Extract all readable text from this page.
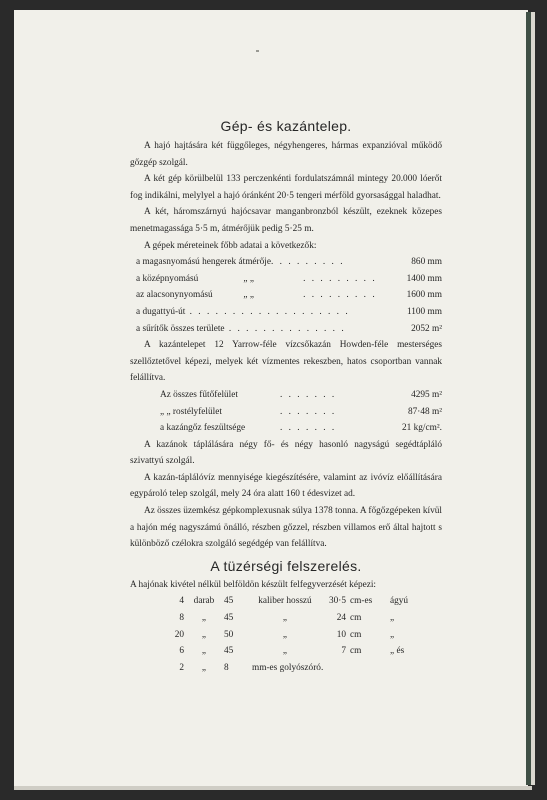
Gép- és kazántelep.
A hajó hajtására két függőleges, négyhengeres, hármas expanzióval működő gőzgép szolgál.
A két gép körülbelül 133 perczenkénti fordulatszámnál mintegy 20.000 lóerőt fog indikálni, melylyel a hajó óránként 20·5 tengeri mérföld gyorsasággal haladhat.
A két, háromszárnyú hajócsavar manganbronzból készült, ezeknek közepes menetmagassága 5·5 m, átmérőjük pedig 5·25 m.
A gépek méreteinek főbb adatai a következők:
a magasnyomású hengerek átmérője . . . . . . . . .	860 mm
a középnyomású	„ „	. . . . . . . . .	1400 mm
az alacsonynyomású	„ „	. . . . . . . . .	1600 mm
a dugattyú-út . . . . . . . . . . . . . . . . . . .	1100 mm
a sűrítők összes területe . . . . . . . . . . . . . .	2052 m²
A kazántelepet 12 Yarrow-féle vízcsőkazán Howden-féle mesterséges szellőztetővel képezi, melyek két vízmentes rekeszben, hatos csoportban vannak felállítva.
Az összes fűtőfelület	. . . . . . .	4295 m²
„ „ rostélyfelület	. . . . . . .	87·48 m²
a kazángőz feszültsége	. . . . . . .	21 kg/cm².
A kazánok táplálására négy fő- és négy hasonló nagyságú segédtápláló szivattyú szolgál.
A kazán-táplálóvíz mennyisége kiegészítésére, valamint az ivóvíz előállítására egypároló telep szolgál, mely 24 óra alatt 160 t édesvizet ad.
Az összes üzemkész gépkomplexusnak súlya 1378 tonna. A főgőzgépeken kívül a hajón még nagyszámú önálló, részben gőzzel, részben villamos erő által hajtott s különböző czélokra szolgáló segédgép van felállítva.
A tüzérségi felszerelés.
A hajónak kivétel nélkül belföldön készült felfegyverzését képezi:
4	darab	45	kaliber hosszú	30·5 cm-es	ágyú
8	„	45	„	24 cm	„
20	„	50	„	10 cm	„
6	„	45	„	7 cm	„ és
2	„	8	mm-es golyószóró.
